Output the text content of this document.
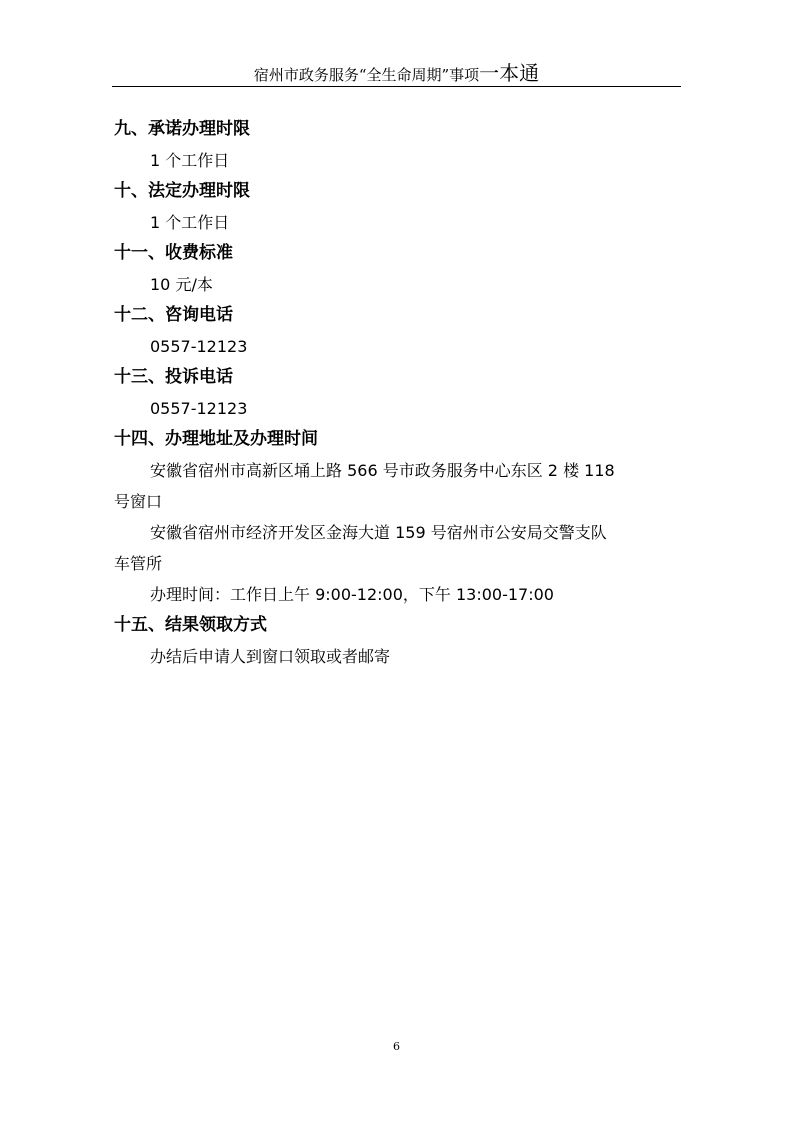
宿州市政务服务“全生命周期”事项一本通
九、承诺办理时限
1 个工作日
十、法定办理时限
1 个工作日
十一、收费标准
10 元/本
十二、咨询电话
0557-12123
十三、投诉电话
0557-12123
十四、办理地址及办理时间
安徽省宿州市高新区埇上路 566 号市政务服务中心东区 2 楼 118
号窗口
安徽省宿州市经济开发区金海大道 159 号宿州市公安局交警支队
车管所
办理时间：工作日上午 9:00-12:00，下午 13:00-17:00
十五、结果领取方式
办结后申请人到窗口领取或者邮寄
6
